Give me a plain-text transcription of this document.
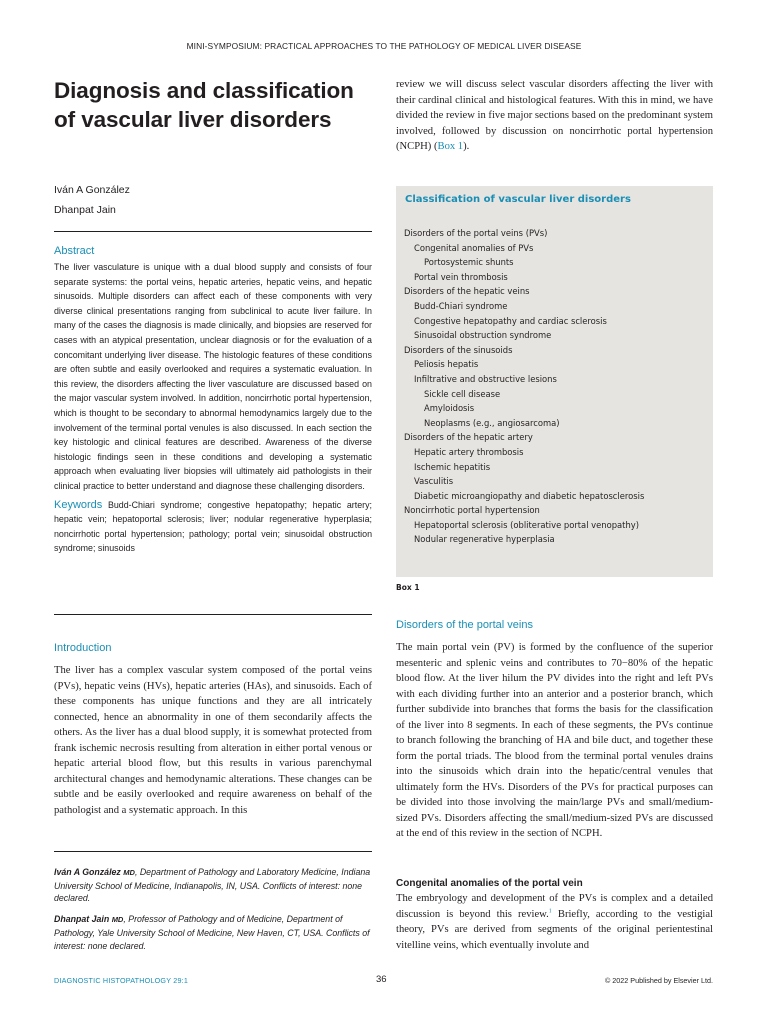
MINI-SYMPOSIUM: PRACTICAL APPROACHES TO THE PATHOLOGY OF MEDICAL LIVER DISEASE
Diagnosis and classification of vascular liver disorders
Iván A González
Dhanpat Jain
Abstract

The liver vasculature is unique with a dual blood supply and consists of four separate systems: the portal veins, hepatic arteries, hepatic veins, and hepatic sinusoids. Multiple disorders can affect each of these components with very diverse clinical presentations ranging from subclinical to acute liver failure. In many of the cases the diagnosis is made clinically, and biopsies are reserved for cases with an atypical presentation, unclear diagnosis or for the evaluation of a concomitant underlying liver disease. The histologic features of these conditions are often subtle and easily overlooked and requires a systematic evaluation. In this review, the disorders affecting the liver vasculature are discussed based on the major vascular system involved. In addition, noncirrhotic portal hypertension, which is thought to be secondary to abnormal hemodynamics largely due to the involvement of the terminal portal venules is also discussed. In each section the key histologic and clinical features are described. Awareness of the diverse histologic findings seen in these conditions and developing a systematic approach when evaluating liver biopsies will ultimately aid pathologists in their clinical practice to better understand and diagnose these challenging disorders.

Keywords Budd-Chiari syndrome; congestive hepatopathy; hepatic artery; hepatic vein; hepatoportal sclerosis; liver; nodular regenerative hyperplasia; noncirrhotic portal hypertension; pathology; portal vein; sinusoidal obstruction syndrome; sinusoids

Introduction

The liver has a complex vascular system composed of the portal veins (PVs), hepatic veins (HVs), hepatic arteries (HAs), and sinusoids. Each of these components has unique functions and they are all intricately connected, hence an abnormality in one of them secondarily affects the others. As the liver has a dual blood supply, it is somewhat protected from frank ischemic necrosis resulting from alteration in either portal venous or hepatic arterial blood flow, but this results in various parenchymal architectural changes and hemodynamic alterations. These changes can be subtle and be easily overlooked and require awareness on behalf of the pathologist and a systematic approach. In this

Iván A González MD, Department of Pathology and Laboratory Medicine, Indiana University School of Medicine, Indianapolis, IN, USA. Conflicts of interest: none declared.

Dhanpat Jain MD, Professor of Pathology and of Medicine, Department of Pathology, Yale University School of Medicine, New Haven, CT, USA. Conflicts of interest: none declared.

review we will discuss select vascular disorders affecting the liver with their cardinal clinical and histological features. With this in mind, we have divided the review in five major sections based on the predominant system involved, followed by discussion on noncirrhotic portal hypertension (NCPH) (Box 1).

Classification of vascular liver disorders
Disorders of the portal veins (PVs)
Congenital anomalies of PVs
Portosystemic shunts
Portal vein thrombosis
Disorders of the hepatic veins
Budd-Chiari syndrome
Congestive hepatopathy and cardiac sclerosis
Sinusoidal obstruction syndrome
Disorders of the sinusoids
Peliosis hepatis
Infiltrative and obstructive lesions
Sickle cell disease
Amyloidosis
Neoplasms (e.g., angiosarcoma)
Disorders of the hepatic artery
Hepatic artery thrombosis
Ischemic hepatitis
Vasculitis
Diabetic microangiopathy and diabetic hepatosclerosis
Noncirrhotic portal hypertension
Hepatoportal sclerosis (obliterative portal venopathy)
Nodular regenerative hyperplasia
Box 1
Disorders of the portal veins

The main portal vein (PV) is formed by the confluence of the superior mesenteric and splenic veins and contributes to 70−80% of the hepatic blood flow. At the liver hilum the PV divides into the right and left PVs with each dividing further into an anterior and a posterior branch, which further subdivide into branches that forms the basis for the classification of the liver into 8 segments. In each of these segments, the PVs continue to branch following the branching of HA and bile duct, and together these form the portal triads. The blood from the terminal portal venules drains into the sinusoids which drain into the hepatic/central venules that ultimately form the HVs. Disorders of the PVs for practical purposes can be divided into those involving the main/large PVs and small/medium-sized PVs. Disorders affecting the small/medium-sized PVs are discussed at the end of this review in the section of NCPH.

Congenital anomalies of the portal vein

The embryology and development of the PVs is complex and a detailed discussion is beyond this review.$^1$ Briefly, according to the vestigial theory, PVs are derived from segments of the original perientestinal vitelline veins, which eventually involute and

DIAGNOSTIC HISTOPATHOLOGY 29:1	36	© 2022 Published by Elsevier Ltd.
